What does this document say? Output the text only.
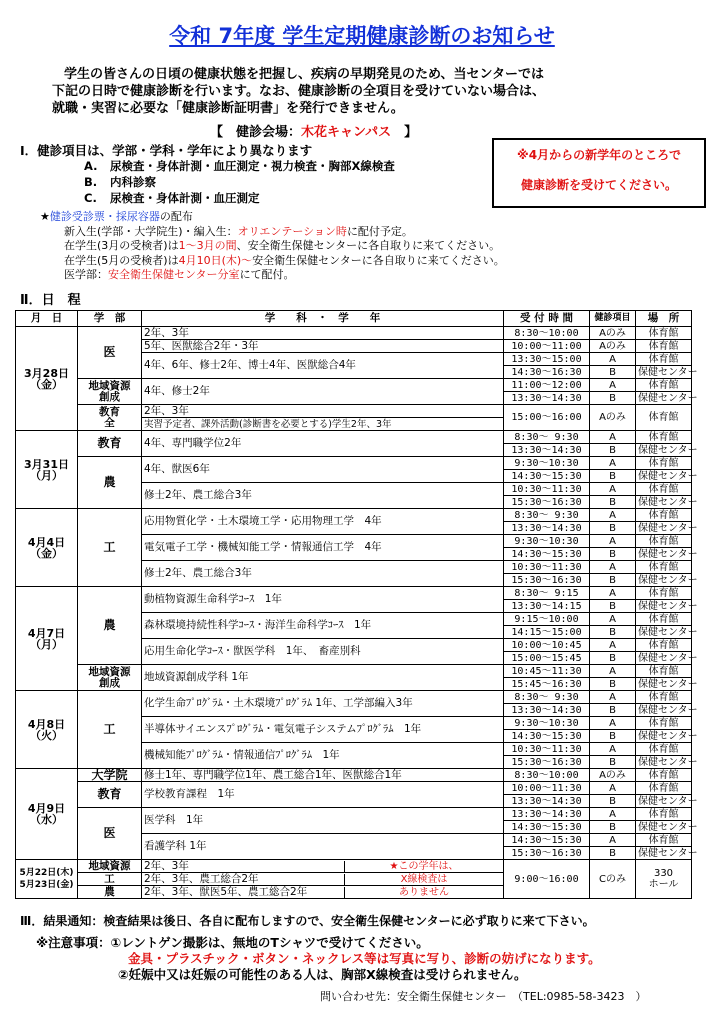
令和 7年度 学生定期健康診断のお知らせ

学生の皆さんの日頃の健康状態を把握し、疾病の早期発見のため、当センターでは

下記の日時で健康診断を行います。なお、健康診断の全項目を受けていない場合は、

就職・実習に必要な「健康診断証明書」を発行できません。

【　健診会場：木花キャンパス　】
※4月からの新学年のところで
健康診断を受けてください。
Ⅰ．健診項目は、学部・学科・学年により異なります
A. 尿検査・身体計測・血圧測定・視力検査・胸部X線検査
B. 内科診察
C. 尿検査・身体計測・血圧測定
★健診受診票・採尿容器の配布
新入生(学部・大学院生)・編入生：オリエンテーション時に配付予定。
在学生(3月の受検者)は1～3月の間、安全衛生保健センターに各自取りに来てください。
在学生(5月の受検者)は4月10日(木)～安全衛生保健センターに各自取りに来てください。
医学部：安全衛生保健センター分室にて配付。
Ⅱ．日　程
月　日	学　部	学　　科　・　学　　年	受 付 時 間	健診項目	場　所
3月28日
（金）	医	2年、3年	8:30～10:00	Aのみ	体育館
		5年、医獣総合2年・3年	10:00～11:00	Aのみ	体育館
		4年、6年、修士2年、博士4年、医獣総合4年	13:30～15:00	A	体育館
			14:30～16:30	B	保健センター
	地域資源
創成	4年、修士2年	11:00～12:00	A	体育館
			13:30～14:30	B	保健センター
	教育
全	2年、3年	15:00～16:00	Aのみ	体育館
		実習予定者、課外活動(診断書を必要とする)学生2年、3年			

3月31日
（月）	教育	4年、専門職学位2年	8:30～ 9:30	A	体育館
			13:30～14:30	B	保健センター
	農	4年、獣医6年	9:30～10:30	A	体育館
			14:30～15:30	B	保健センター
		修士2年、農工総合3年	10:30～11:30	A	体育館
			15:30～16:30	B	保健センター
4月4日
（金）	工	応用物質化学・土木環境工学・応用物理工学　4年	8:30～ 9:30	A	体育館
			13:30～14:30	B	保健センター
		電気電子工学・機械知能工学・情報通信工学　4年	9:30～10:30	A	体育館
			14:30～15:30	B	保健センター
		修士2年、農工総合3年	10:30～11:30	A	体育館
			15:30～16:30	B	保健センター
4月7日
（月）	農	動植物資源生命科学ｺｰｽ　1年	8:30～ 9:15	A	体育館
			13:30～14:15	B	保健センター
		森林環境持続性科学ｺｰｽ・海洋生命科学ｺｰｽ　1年	9:15～10:00	A	体育館
			14:15～15:00	B	保健センター
		応用生命化学ｺｰｽ・獣医学科　1年、　畜産別科	10:00～10:45	A	体育館
			15:00～15:45	B	保健センター
	地域資源
創成	地域資源創成学科 1年	10:45～11:30	A	体育館
			15:45～16:30	B	保健センター
4月8日
（火）	工	化学生命ﾌﾟﾛｸﾞﾗﾑ・土木環境ﾌﾟﾛｸﾞﾗﾑ 1年、工学部編入3年	8:30～ 9:30	A	体育館
			13:30～14:30	B	保健センター
		半導体サイエンスﾌﾟﾛｸﾞﾗﾑ・電気電子システムﾌﾟﾛｸﾞﾗﾑ　1年	9:30～10:30	A	体育館
			14:30～15:30	B	保健センター
		機械知能ﾌﾟﾛｸﾞﾗﾑ・情報通信ﾌﾟﾛｸﾞﾗﾑ　1年	10:30～11:30	A	体育館
			15:30～16:30	B	保健センター
4月9日
（水）	大学院	修士1年、専門職学位1年、農工総合1年、医獣総合1年	8:30～10:00	Aのみ	体育館
	教育	学校教育課程　1年	10:00～11:30	A	体育館
			13:30～14:30	B	保健センター
	医	医学科　1年	13:30～14:30	A	体育館
			14:30～15:30	B	保健センター
		看護学科 1年	14:30～15:30	A	体育館
			15:30～16:30	B	保健センター
5月22日(木)
5月23日(金)	地域資源	2年、3年 ★この学年は、	9:00～16:00	Cのみ	330
ホール
	工	2年、3年、農工総合2年 X線検査は			

	農	2年、3年、獣医5年、農工総合2年 ありません			
Ⅲ．結果通知：検査結果は後日、各自に配布しますので、安全衛生保健センターに必ず取りに来て下さい。
※注意事項：①レントゲン撮影は、無地のTシャツで受けてください。
金具・プラスチック・ボタン・ネックレス等は写真に写り、診断の妨げになります。
②妊娠中又は妊娠の可能性のある人は、胸部X線検査は受けられません。
問い合わせ先：安全衛生保健センター　（TEL:0985-58-3423　）
